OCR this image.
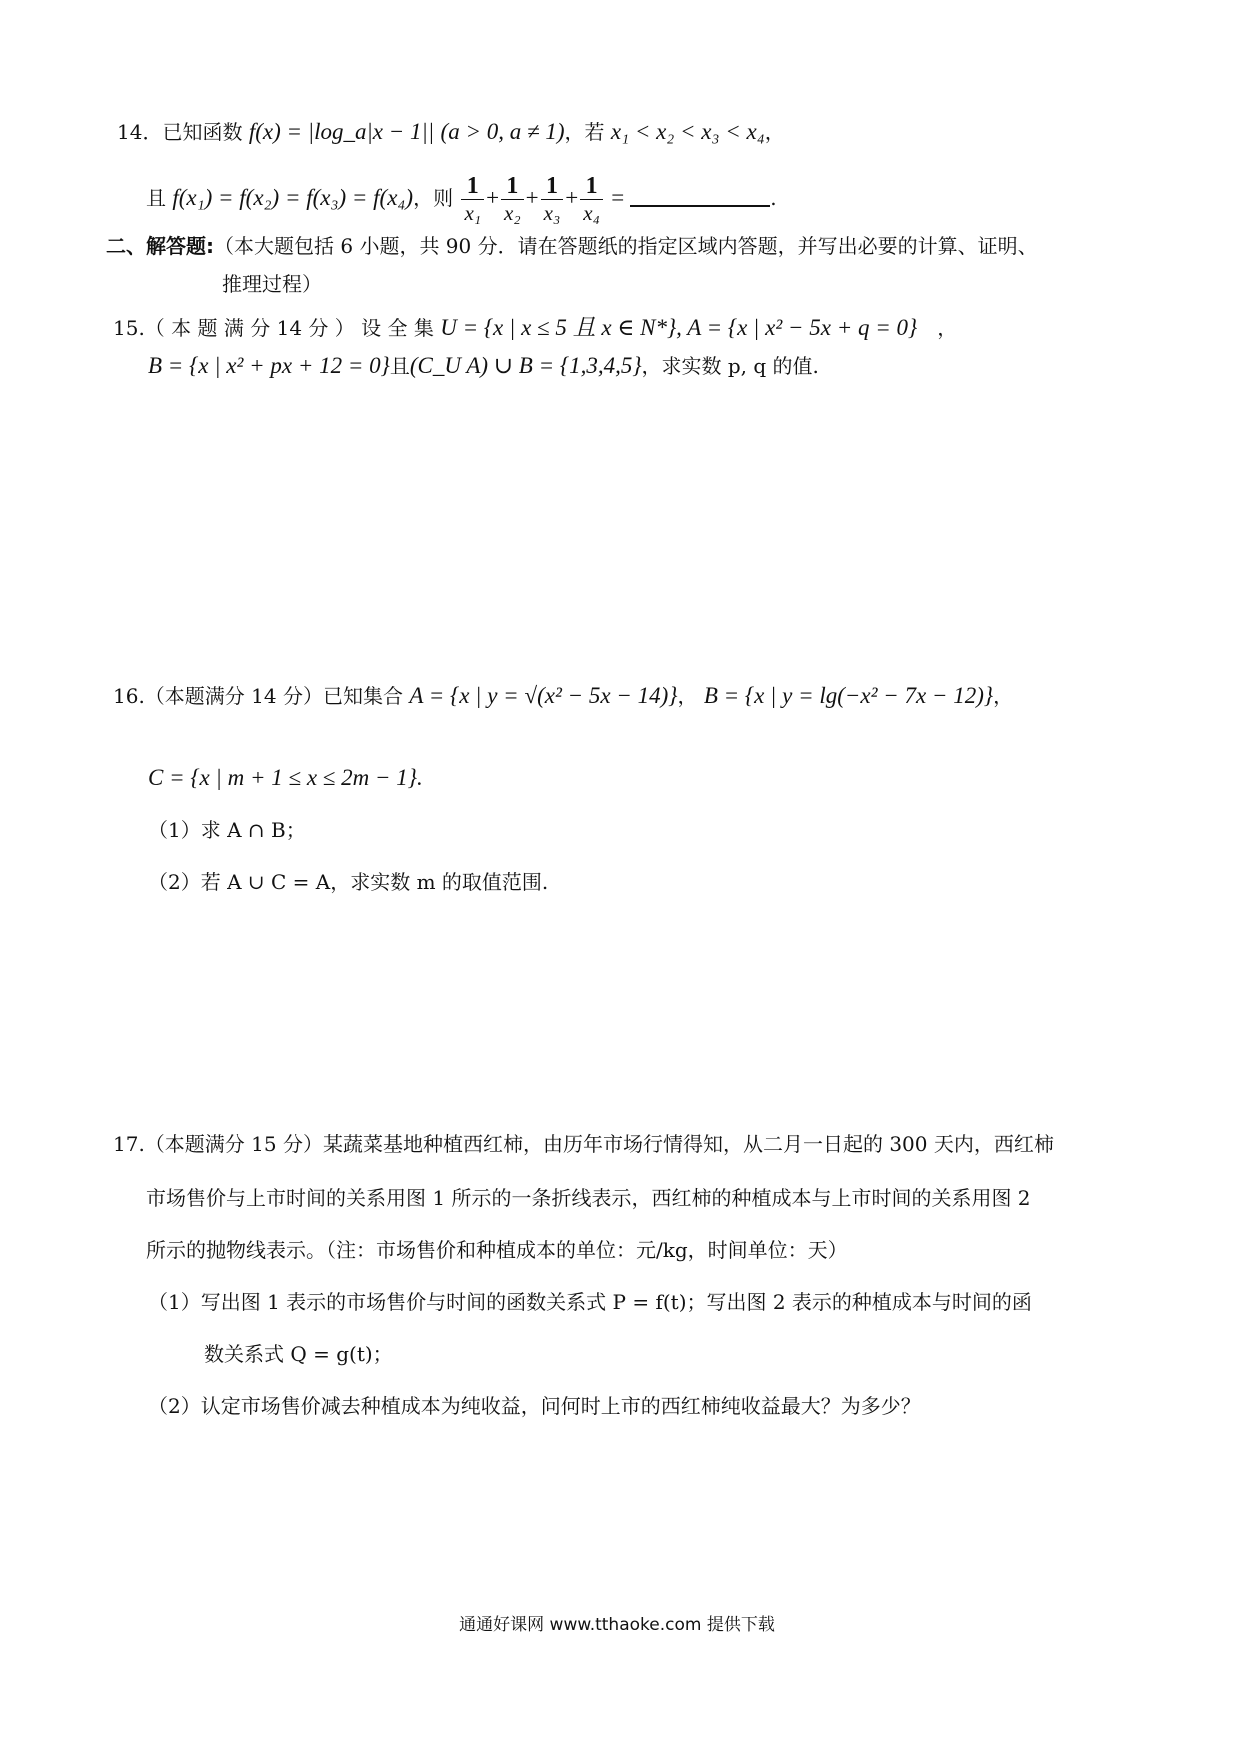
14．已知函数 f(x) = |log_a|x − 1|| (a > 0, a ≠ 1)，若 x₁ < x₂ < x₃ < x₄，
且 f(x₁) = f(x₂) = f(x₃) = f(x₄)，则 $\frac{1}{\text{x₁}} + \frac{1}{\text{x₂}} + \frac{1}{\text{x₃}} + \frac{1}{\text{x₄}}$ =	.
二、解答题:（本大题包括 6 小题，共 90 分．请在答题纸的指定区域内答题，并写出必要的计算、证明、
推理过程）
15.（ 本 题 满 分 14 分 ） 设 全 集 U = {x | x ≤ 5 且 x ∈ N*}, A = {x | x² − 5x + q = 0}　，
B = {x | x² + px + 12 = 0}且(C_U A) ∪ B = {1,3,4,5}，求实数 p, q 的值.
16.（本题满分 14 分）已知集合 A = {x | y = √(x² − 5x − 14)}， B = {x | y = lg(−x² − 7x − 12)}，
C = {x | m + 1 ≤ x ≤ 2m − 1}.
（1）求 A ∩ B；
（2）若 A ∪ C = A，求实数 m 的取值范围.
17.（本题满分 15 分）某蔬菜基地种植西红柿，由历年市场行情得知，从二月一日起的 300 天内，西红柿
市场售价与上市时间的关系用图 1 所示的一条折线表示，西红柿的种植成本与上市时间的关系用图 2
所示的抛物线表示。（注：市场售价和种植成本的单位：元/kg，时间单位：天）
（1）写出图 1 表示的市场售价与时间的函数关系式 P = f(t)；写出图 2 表示的种植成本与时间的函
数关系式 Q = g(t)；
（2）认定市场售价减去种植成本为纯收益，问何时上市的西红柿纯收益最大？为多少？
通通好课网 www.tthaoke.com 提供下载
